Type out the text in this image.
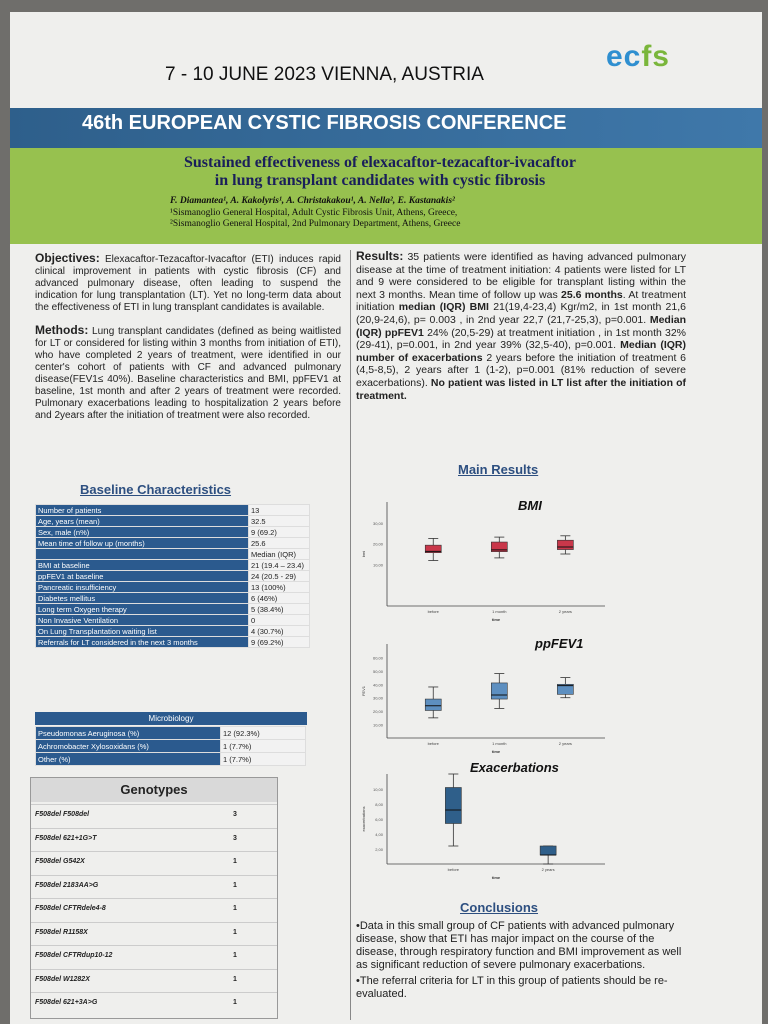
ecfs
7 - 10 JUNE 2023 VIENNA, AUSTRIA
46th EUROPEAN CYSTIC FIBROSIS CONFERENCE
Sustained effectiveness of elexacaftor-tezacaftor-ivacaftor
in lung transplant candidates with cystic fibrosis
F. Diamantea¹, A. Kakolyris¹, A. Christakakou¹, A. Nella², E. Kastanakis²
¹Sismanoglio General Hospital, Adult Cystic Fibrosis Unit, Athens, Greece,
²Sismanoglio General Hospital, 2nd Pulmonary Department, Athens, Greece

Objectives: Elexacaftor-Tezacaftor-Ivacaftor (ETI) induces rapid clinical improvement in patients with cystic fibrosis (CF) and advanced pulmonary disease, often leading to suspend the indication for lung transplantation (LT). Yet no long-term data about the effectiveness of ETI in lung transplant candidates is available.

Methods: Lung transplant candidates (defined as being waitlisted for LT or considered for listing within 3 months from initiation of ETI), who have completed 2 years of treatment, were identified in our center's cohort of patients with CF and advanced pulmonary disease(FEV1≤ 40%). Baseline characteristics and BMI, ppFEV1 at baseline, 1st month and after 2 years of treatment were recorded. Pulmonary exacerbations leading to hospitalization 2 years before and 2years after the initiation of treatment were also recorded.

Baseline Characteristics
Number of patients	13
Age, years (mean)	32.5
Sex, male (n%)	9 (69.2)
Mean time of follow up (months)	25.6
	Median (IQR)
BMI at baseline	21 (19.4 – 23.4)
ppFEV1 at baseline	24 (20.5 - 29)
Pancreatic insufficiency	13 (100%)
Diabetes mellitus	6 (46%)
Long term Oxygen therapy	5 (38.4%)
Non Invasive Ventilation	0
On Lung Transplantation waiting list	4 (30.7%)
Referrals for LT considered in the next 3 months	9 (69.2%)
Microbiology
Pseudomonas Aeruginosa (%)	12 (92.3%)
Achromobacter Xylosoxidans (%)	1 (7.7%)
Other (%)	1 (7.7%)
Genotypes
F508del F508del	3
F508del 621+1G>T	3
F508del G542X	1
F508del 2183AA>G	1
F508del CFTRdele4-8	1
F508del R1158X	1
F508del CFTRdup10-12	1
F508del W1282X	1
F508del 621+3A>G	1

Results: 35 patients were identified as having advanced pulmonary disease at the time of treatment initiation: 4 patients were listed for LT and 9 were considered to be eligible for transplant listing within the next 3 months. Mean time of follow up was 25.6 months. At treatment initiation median (IQR) BMI 21(19,4-23,4) Kgr/m2, in 1st month 21,6 (20,9-24,6), p= 0.003 , in 2nd year 22,7 (21,7-25,3), p=0.001. Median (IQR) ppFEV1 24% (20,5-29) at treatment initiation , in 1st month 32% (29-41), p=0.001, in 2nd year 39% (32,5-40), p=0.001. Median (IQR) number of exacerbations 2 years before the initiation of treatment 6 (4,5-8,5), 2 years after 1 (1-2), p=0.001 (81% reduction of severe exacerbations). No patient was listed in LT list after the initiation of treatment.

Main Results
BMI
10,00
20,00
30,00
bmi
before	1 month	2 years
time
ppFEV1
10,00
20,00
30,00
40,00
50,00
60,00
FEV1
before	1 month	2 years
time
Exacerbations
2,00
4,00
6,00
8,00
10,00
exacerbations
before	2 years
time
Conclusions

•Data in this small group of CF patients with advanced pulmonary disease, show that ETI has major impact on the course of the disease, through respiratory function and BMI improvement as well as significant reduction of severe pulmonary exacerbations.

•The referral criteria for LT in this group of patients should be re-evaluated.
